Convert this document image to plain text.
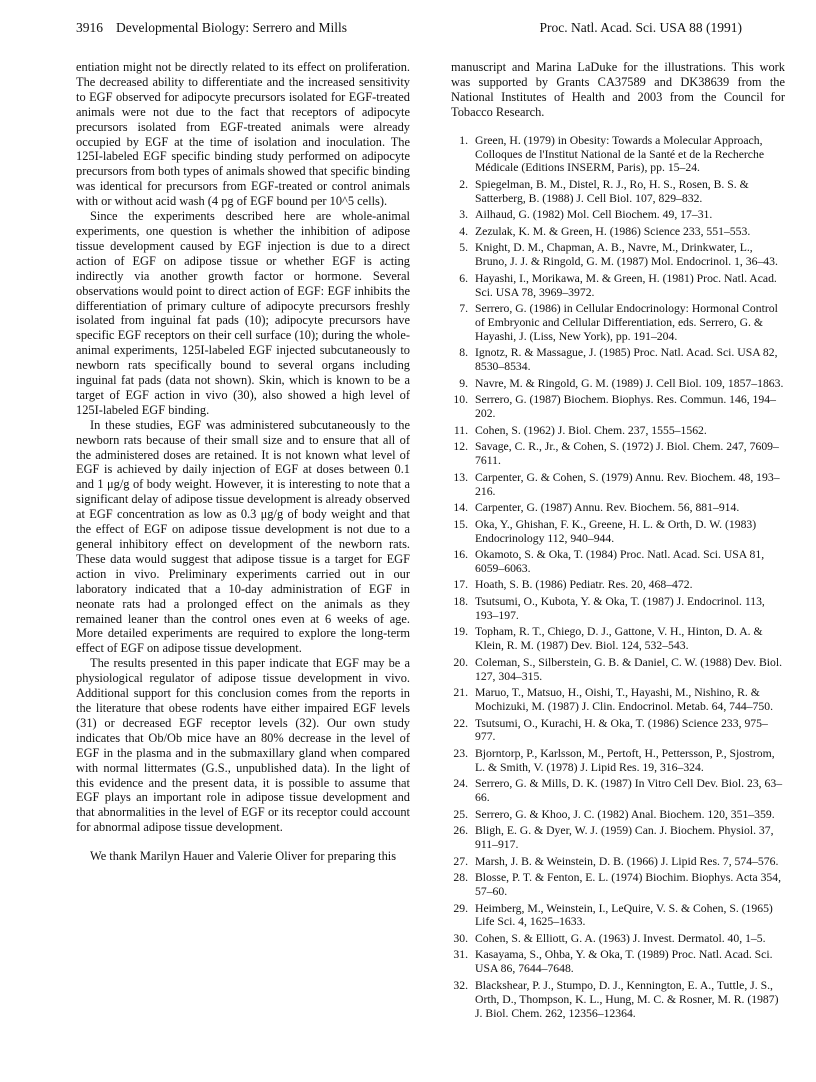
3916 Developmental Biology: Serrero and Mills	Proc. Natl. Acad. Sci. USA 88 (1991)

entiation might not be directly related to its effect on proliferation. The decreased ability to differentiate and the increased sensitivity to EGF observed for adipocyte precursors isolated for EGF-treated animals were not due to the fact that receptors of adipocyte precursors isolated from EGF-treated animals were already occupied by EGF at the time of isolation and inoculation. The 125I-labeled EGF specific binding study performed on adipocyte precursors from both types of animals showed that specific binding was identical for precursors from EGF-treated or control animals with or without acid wash (4 pg of EGF bound per 10^5 cells).

Since the experiments described here are whole-animal experiments, one question is whether the inhibition of adipose tissue development caused by EGF injection is due to a direct action of EGF on adipose tissue or whether EGF is acting indirectly via another growth factor or hormone. Several observations would point to direct action of EGF: EGF inhibits the differentiation of primary culture of adipocyte precursors freshly isolated from inguinal fat pads (10); adipocyte precursors have specific EGF receptors on their cell surface (10); during the whole-animal experiments, 125I-labeled EGF injected subcutaneously to newborn rats specifically bound to several organs including inguinal fat pads (data not shown). Skin, which is known to be a target of EGF action in vivo (30), also showed a high level of 125I-labeled EGF binding.

In these studies, EGF was administered subcutaneously to the newborn rats because of their small size and to ensure that all of the administered doses are retained. It is not known what level of EGF is achieved by daily injection of EGF at doses between 0.1 and 1 μg/g of body weight. However, it is interesting to note that a significant delay of adipose tissue development is already observed at EGF concentration as low as 0.3 μg/g of body weight and that the effect of EGF on adipose tissue development is not due to a general inhibitory effect on development of the newborn rats. These data would suggest that adipose tissue is a target for EGF action in vivo. Preliminary experiments carried out in our laboratory indicated that a 10-day administration of EGF in neonate rats had a prolonged effect on the animals as they remained leaner than the control ones even at 6 weeks of age. More detailed experiments are required to explore the long-term effect of EGF on adipose tissue development.

The results presented in this paper indicate that EGF may be a physiological regulator of adipose tissue development in vivo. Additional support for this conclusion comes from the reports in the literature that obese rodents have either impaired EGF levels (31) or decreased EGF receptor levels (32). Our own study indicates that Ob/Ob mice have an 80% decrease in the level of EGF in the plasma and in the submaxillary gland when compared with normal littermates (G.S., unpublished data). In the light of this evidence and the present data, it is possible to assume that EGF plays an important role in adipose tissue development and that abnormalities in the level of EGF or its receptor could account for abnormal adipose tissue development.

We thank Marilyn Hauer and Valerie Oliver for preparing this

manuscript and Marina LaDuke for the illustrations. This work was supported by Grants CA37589 and DK38639 from the National Institutes of Health and 2003 from the Council for Tobacco Research.

1. Green, H. (1979) in Obesity: Towards a Molecular Approach, Colloques de l'Institut National de la Santé et de la Recherche Médicale (Editions INSERM, Paris), pp. 15–24.
2. Spiegelman, B. M., Distel, R. J., Ro, H. S., Rosen, B. S. & Satterberg, B. (1988) J. Cell Biol. 107, 829–832.
3. Ailhaud, G. (1982) Mol. Cell Biochem. 49, 17–31.
4. Zezulak, K. M. & Green, H. (1986) Science 233, 551–553.
5. Knight, D. M., Chapman, A. B., Navre, M., Drinkwater, L., Bruno, J. J. & Ringold, G. M. (1987) Mol. Endocrinol. 1, 36–43.
6. Hayashi, I., Morikawa, M. & Green, H. (1981) Proc. Natl. Acad. Sci. USA 78, 3969–3972.
7. Serrero, G. (1986) in Cellular Endocrinology: Hormonal Control of Embryonic and Cellular Differentiation, eds. Serrero, G. & Hayashi, J. (Liss, New York), pp. 191–204.
8. Ignotz, R. & Massague, J. (1985) Proc. Natl. Acad. Sci. USA 82, 8530–8534.
9. Navre, M. & Ringold, G. M. (1989) J. Cell Biol. 109, 1857–1863.
10. Serrero, G. (1987) Biochem. Biophys. Res. Commun. 146, 194–202.
11. Cohen, S. (1962) J. Biol. Chem. 237, 1555–1562.
12. Savage, C. R., Jr., & Cohen, S. (1972) J. Biol. Chem. 247, 7609–7611.
13. Carpenter, G. & Cohen, S. (1979) Annu. Rev. Biochem. 48, 193–216.
14. Carpenter, G. (1987) Annu. Rev. Biochem. 56, 881–914.
15. Oka, Y., Ghishan, F. K., Greene, H. L. & Orth, D. W. (1983) Endocrinology 112, 940–944.
16. Okamoto, S. & Oka, T. (1984) Proc. Natl. Acad. Sci. USA 81, 6059–6063.
17. Hoath, S. B. (1986) Pediatr. Res. 20, 468–472.
18. Tsutsumi, O., Kubota, Y. & Oka, T. (1987) J. Endocrinol. 113, 193–197.
19. Topham, R. T., Chiego, D. J., Gattone, V. H., Hinton, D. A. & Klein, R. M. (1987) Dev. Biol. 124, 532–543.
20. Coleman, S., Silberstein, G. B. & Daniel, C. W. (1988) Dev. Biol. 127, 304–315.
21. Maruo, T., Matsuo, H., Oishi, T., Hayashi, M., Nishino, R. & Mochizuki, M. (1987) J. Clin. Endocrinol. Metab. 64, 744–750.
22. Tsutsumi, O., Kurachi, H. & Oka, T. (1986) Science 233, 975–977.
23. Bjorntorp, P., Karlsson, M., Pertoft, H., Pettersson, P., Sjostrom, L. & Smith, V. (1978) J. Lipid Res. 19, 316–324.
24. Serrero, G. & Mills, D. K. (1987) In Vitro Cell Dev. Biol. 23, 63–66.
25. Serrero, G. & Khoo, J. C. (1982) Anal. Biochem. 120, 351–359.
26. Bligh, E. G. & Dyer, W. J. (1959) Can. J. Biochem. Physiol. 37, 911–917.
27. Marsh, J. B. & Weinstein, D. B. (1966) J. Lipid Res. 7, 574–576.
28. Blosse, P. T. & Fenton, E. L. (1974) Biochim. Biophys. Acta 354, 57–60.
29. Heimberg, M., Weinstein, I., LeQuire, V. S. & Cohen, S. (1965) Life Sci. 4, 1625–1633.
30. Cohen, S. & Elliott, G. A. (1963) J. Invest. Dermatol. 40, 1–5.
31. Kasayama, S., Ohba, Y. & Oka, T. (1989) Proc. Natl. Acad. Sci. USA 86, 7644–7648.
32. Blackshear, P. J., Stumpo, D. J., Kennington, E. A., Tuttle, J. S., Orth, D., Thompson, K. L., Hung, M. C. & Rosner, M. R. (1987) J. Biol. Chem. 262, 12356–12364.
